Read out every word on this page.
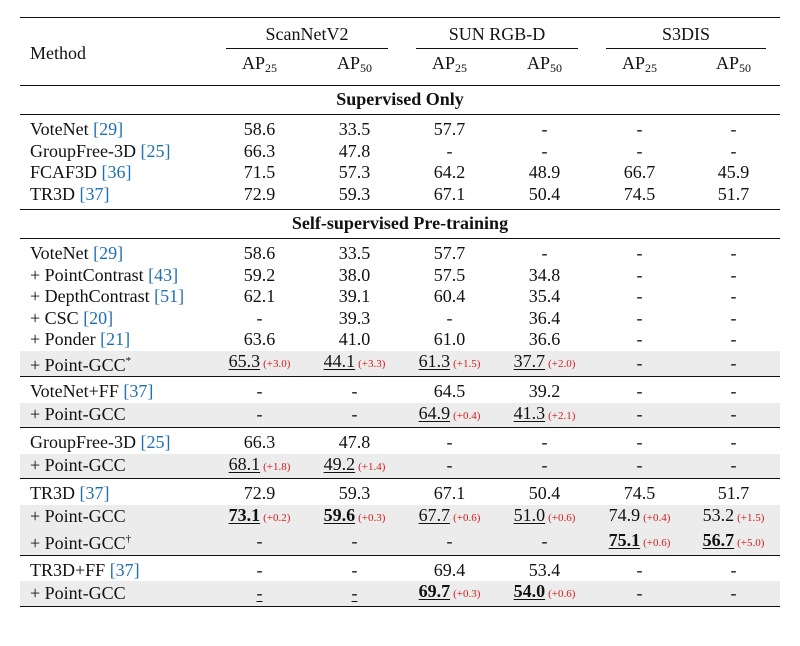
Method	ScanNetV2		SUN RGB-D		S3DIS	

	$AP_{25}$	$AP_{50}$	$AP_{25}$	$AP_{50}$	$AP_{25}$	$AP_{50}$
Supervised Only						
VoteNet [29]	58.6	33.5	57.7	-	-	-
GroupFree-3D [25]	66.3	47.8	-	-	-	-
FCAF3D [36]	71.5	57.3	64.2	48.9	66.7	45.9
TR3D [37]	72.9	59.3	67.1	50.4	74.5	51.7
Self-supervised Pre-training						
VoteNet [29]	58.6	33.5	57.7	-	-	-
+ PointContrast [43]	59.2	38.0	57.5	34.8	-	-
+ DepthContrast [51]	62.1	39.1	60.4	35.4	-	-
+ CSC [20]	-	39.3	-	36.4	-	-
+ Ponder [21]	63.6	41.0	61.0	36.6	-	-
+ Point-GCC*	65.3 (+3.0)	44.1 (+3.3)	61.3 (+1.5)	37.7 (+2.0)	-	-
VoteNet+FF [37]	-	-	64.5	39.2	-	-
+ Point-GCC	-	-	64.9 (+0.4)	41.3 (+2.1)	-	-
GroupFree-3D [25]	66.3	47.8	-	-	-	-
+ Point-GCC	68.1 (+1.8)	49.2 (+1.4)	-	-	-	-
TR3D [37]	72.9	59.3	67.1	50.4	74.5	51.7
+ Point-GCC	73.1 (+0.2)	59.6 (+0.3)	67.7 (+0.6)	51.0 (+0.6)	74.9 (+0.4)	53.2 (+1.5)
+ Point-GCC†	-	-	-	-	75.1 (+0.6)	56.7 (+5.0)
TR3D+FF [37]	-	-	69.4	53.4	-	-
+ Point-GCC	-	-	69.7 (+0.3)	54.0 (+0.6)	-	-
